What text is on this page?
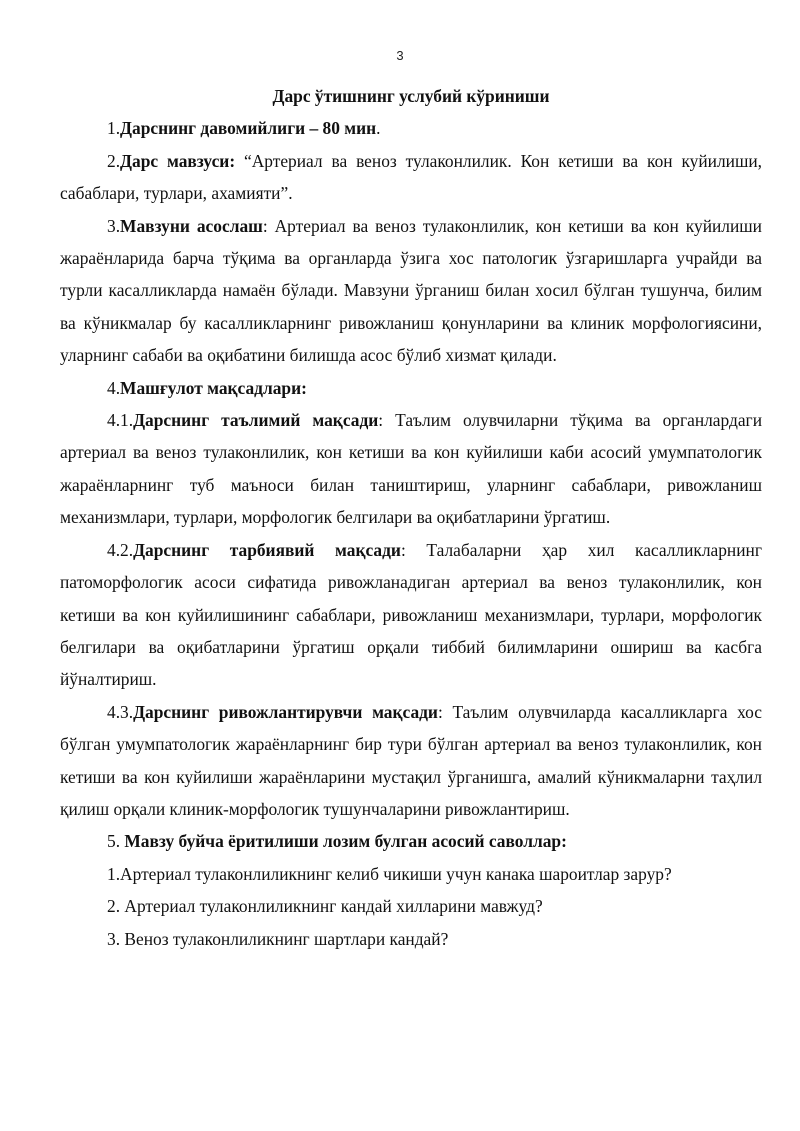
3

Дарс ўтишнинг услубий кўриниши

1.Дарснинг давомийлиги – 80 мин.

2.Дарс мавзуси: “Артериал ва веноз тулаконлилик. Кон кетиши ва кон куйилиши, сабаблари, турлари, ахамияти”.

3.Мавзуни асослаш: Артериал ва веноз тулаконлилик, кон кетиши ва кон куйилиши жараёнларида барча тўқима ва органларда ўзига хос патологик ўзгаришларга учрайди ва турли касалликларда намаён бўлади. Мавзуни ўрганиш билан хосил бўлган тушунча, билим ва кўникмалар бу касалликларнинг ривожланиш қонунларини ва клиник морфологиясини, уларнинг сабаби ва оқибатини билишда асос бўлиб хизмат қилади.

4.Машғулот мақсадлари:

4.1.Дарснинг таълимий мақсади: Таълим олувчиларни тўқима ва органлардаги артериал ва веноз тулаконлилик, кон кетиши ва кон куйилиши каби асосий умумпатологик жараёнларнинг туб маъноси билан таништириш, уларнинг сабаблари, ривожланиш механизмлари, турлари, морфологик белгилари ва оқибатларини ўргатиш.

4.2.Дарснинг тарбиявий мақсади: Талабаларни ҳар хил касалликларнинг патоморфологик асоси сифатида ривожланадиган артериал ва веноз тулаконлилик, кон кетиши ва кон куйилишининг сабаблари, ривожланиш механизмлари, турлари, морфологик белгилари ва оқибатларини ўргатиш орқали тиббий билимларини ошириш ва касбга йўналтириш.

4.3.Дарснинг ривожлантирувчи мақсади: Таълим олувчиларда касалликларга хос бўлган умумпатологик жараёнларнинг бир тури бўлган артериал ва веноз тулаконлилик, кон кетиши ва кон куйилиши жараёнларини мустақил ўрганишга, амалий кўникмаларни таҳлил қилиш орқали клиник-морфологик тушунчаларини ривожлантириш.

5. Мавзу буйча ёритилиши лозим булган асосий саволлар:

1.Артериал тулаконлиликнинг келиб чикиши учун канака шароитлар зарур?

2. Артериал тулаконлиликнинг кандай хилларини мавжуд?

3. Веноз тулаконлиликнинг шартлари кандай?
